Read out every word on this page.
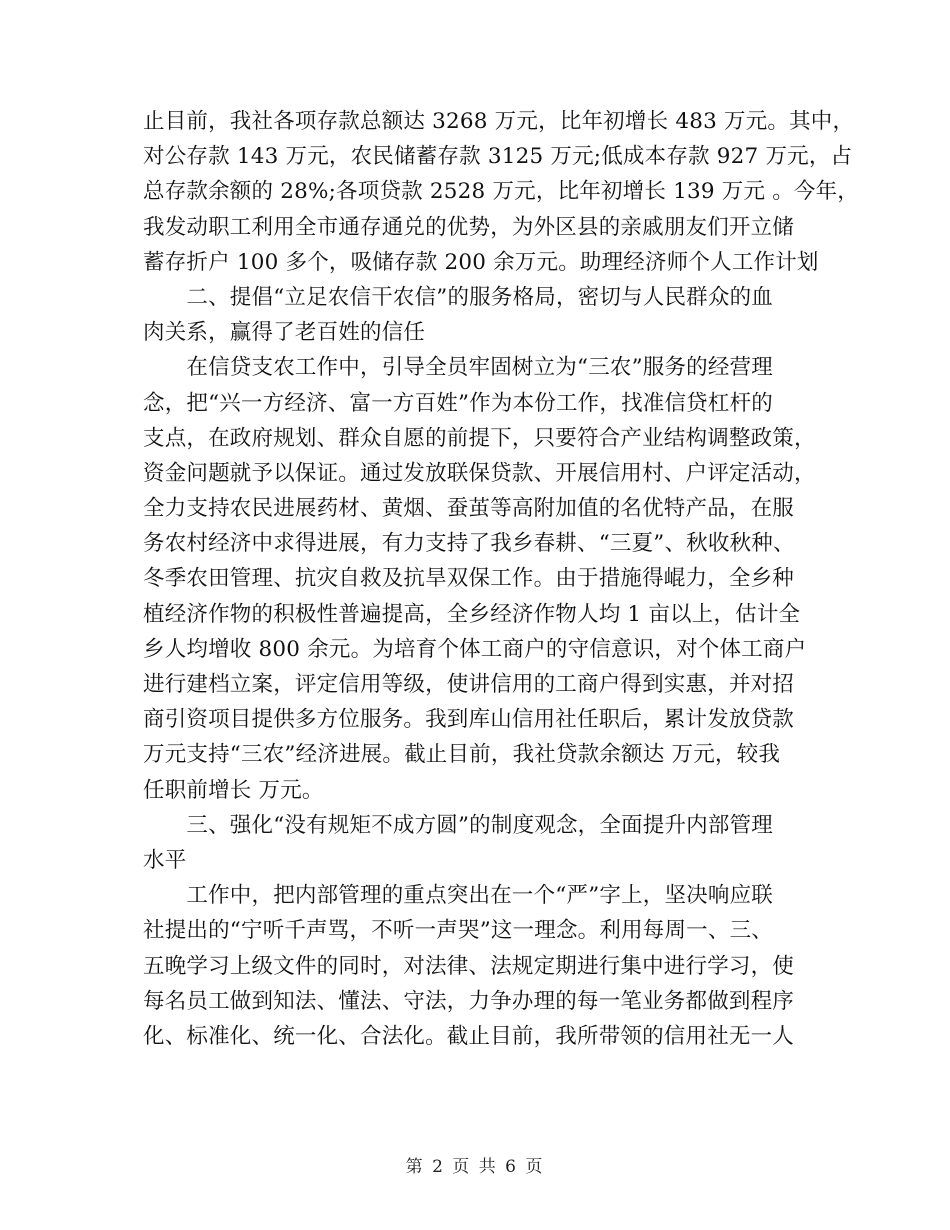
止目前，我社各项存款总额达 3268 万元，比年初增长 483 万元。其中，
对公存款 143 万元，农民储蓄存款 3125 万元;低成本存款 927 万元，占
总存款余额的 28%;各项贷款 2528 万元，比年初增长 139 万元 。今年，
我发动职工利用全市通存通兑的优势，为外区县的亲戚朋友们开立储
蓄存折户 100 多个，吸储存款 200 余万元。助理经济师个人工作计划
　　二、提倡“立足农信干农信”的服务格局，密切与人民群众的血
肉关系，赢得了老百姓的信任
　　在信贷支农工作中，引导全员牢固树立为“三农”服务的经营理
念，把“兴一方经济、富一方百姓”作为本份工作，找准信贷杠杆的
支点，在政府规划、群众自愿的前提下，只要符合产业结构调整政策，
资金问题就予以保证。通过发放联保贷款、开展信用村、户评定活动，
全力支持农民进展药材、黄烟、蚕茧等高附加值的名优特产品，在服
务农村经济中求得进展，有力支持了我乡春耕、“三夏”、秋收秋种、
冬季农田管理、抗灾自救及抗旱双保工作。由于措施得崐力，全乡种
植经济作物的积极性普遍提高，全乡经济作物人均 1 亩以上，估计全
乡人均增收 800 余元。为培育个体工商户的守信意识，对个体工商户
进行建档立案，评定信用等级，使讲信用的工商户得到实惠，并对招
商引资项目提供多方位服务。我到库山信用社任职后，累计发放贷款
万元支持“三农”经济进展。截止目前，我社贷款余额达 万元，较我
任职前增长 万元。
　　三、强化“没有规矩不成方圆”的制度观念，全面提升内部管理
水平
　　工作中，把内部管理的重点突出在一个“严”字上，坚决响应联
社提出的“宁听千声骂，不听一声哭”这一理念。利用每周一、三、
五晚学习上级文件的同时，对法律、法规定期进行集中进行学习，使
每名员工做到知法、懂法、守法，力争办理的每一笔业务都做到程序
化、标准化、统一化、合法化。截止目前，我所带领的信用社无一人
第 2 页 共 6 页
